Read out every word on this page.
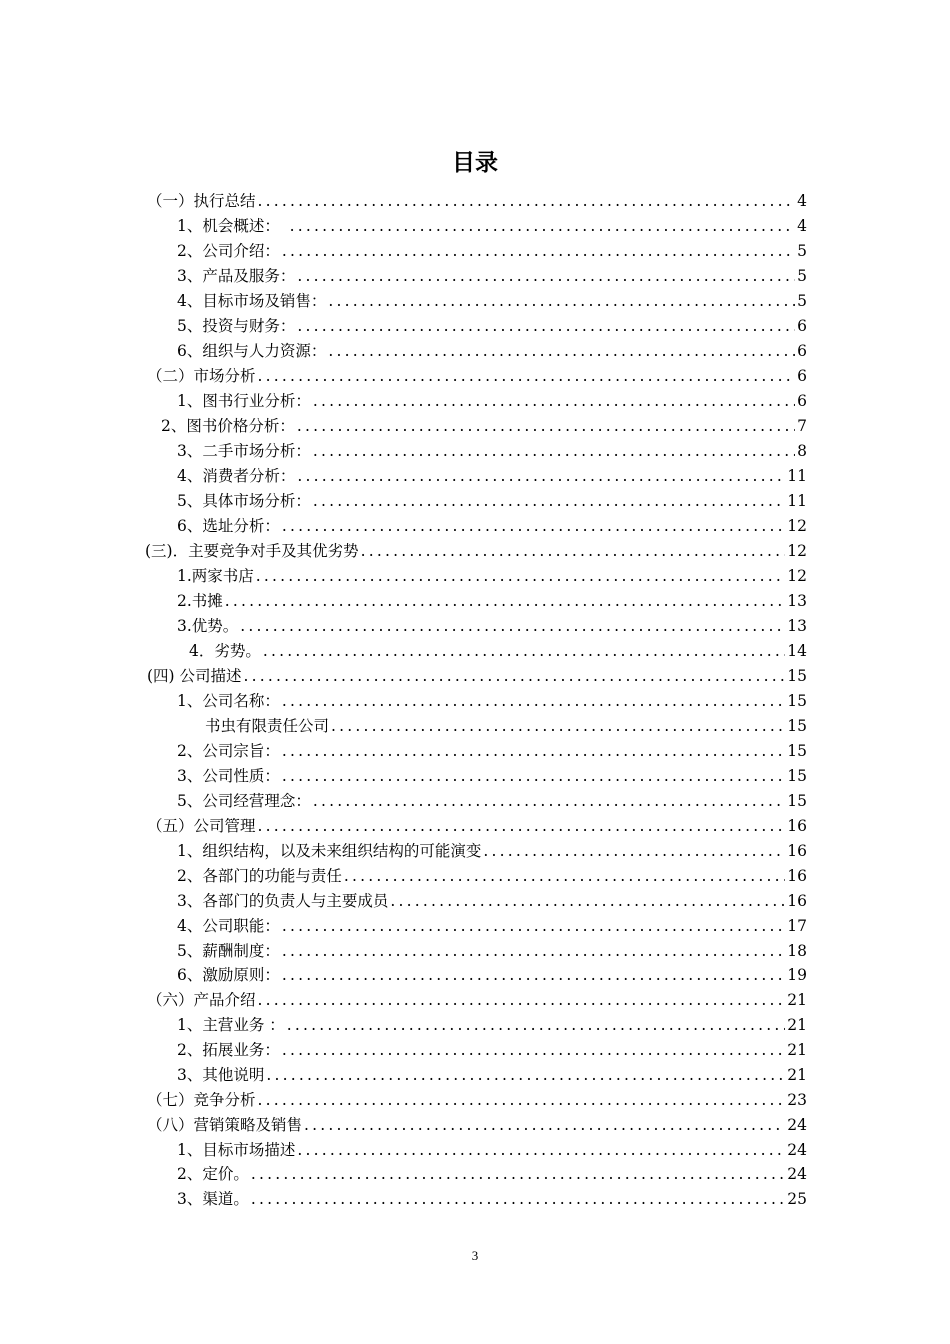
目录
（一）执行总结 .....	4
1、机会概述：　 .....	4
2、公司介绍： .....	5
3、产品及服务： .....	5
4、目标市场及销售： .....	5
5、投资与财务： .....	6
6、组织与人力资源： .....	6
（二）市场分析 .....	6
1、图书行业分析： .....	6
2、图书价格分析： .....	7
3、二手市场分析： .....	8
4、消费者分析： .....	11
5、具体市场分析： .....	11
6、选址分析： .....	12
(三)．主要竞争对手及其优劣势 .....	12
1.两家书店 .....	12
2.书摊 .....	13
3.优势。 .....	13
4．劣势。 .....	14
(四) 公司描述 .....	15
1、公司名称： .....	15
书虫有限责任公司 .....	15
2、公司宗旨： .....	15
3、公司性质： .....	15
5、公司经营理念： .....	15
（五）公司管理 .....	16
1、组织结构，以及未来组织结构的可能演变 .....	16
2、各部门的功能与责任 .....	16
3、各部门的负责人与主要成员 .....	16
4、公司职能： .....	17
5、薪酬制度： .....	18
6、激励原则： .....	19
（六）产品介绍 .....	21
1、主营业务 ： .....	21
2、拓展业务： .....	21
3、其他说明 .....	21
（七）竞争分析 .....	23
（八）营销策略及销售 .....	24
1、目标市场描述 .....	24
2、定价。 .....	24
3、渠道。 .....	25
3
